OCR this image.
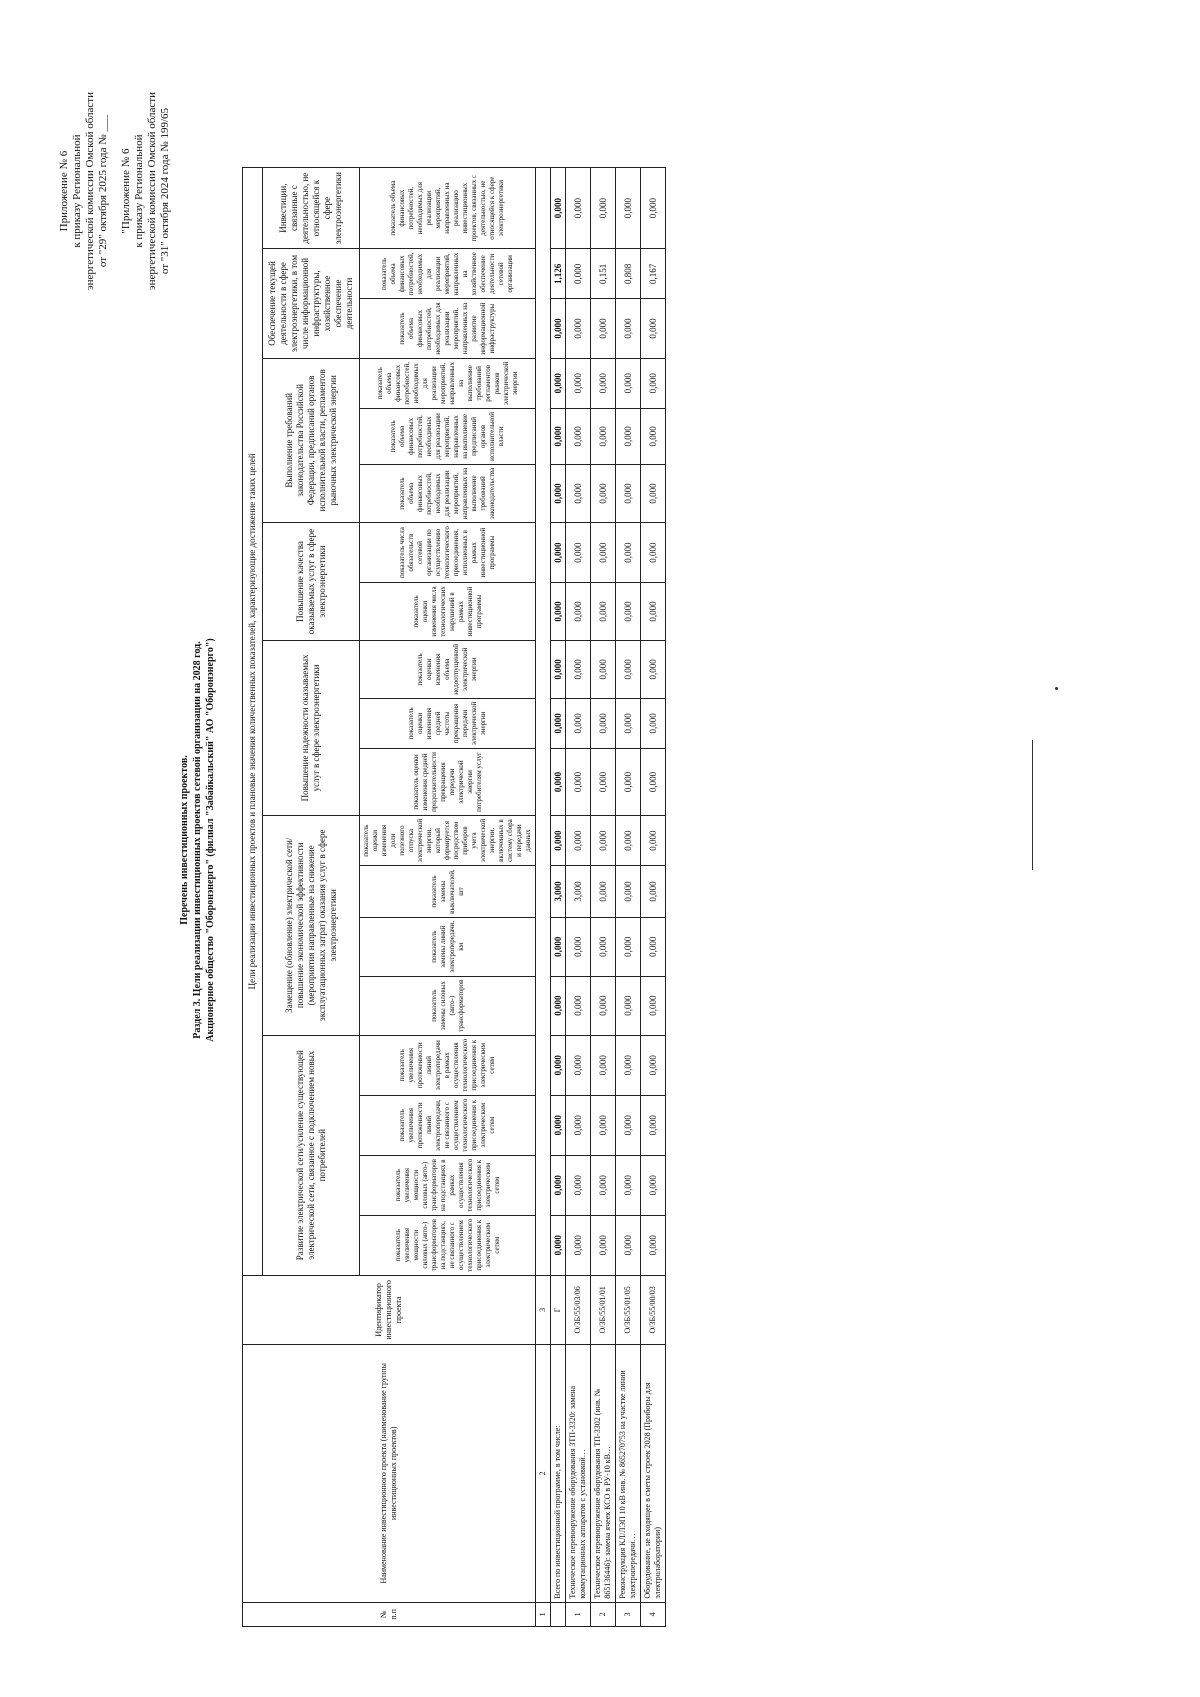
Приложение № 6 к приказу Региональной энергетической комиссии Омской области от "29" октября 2025 года № ___ "Приложение № 6 к приказу Региональной энергетической комиссии Омской области от "31" октября 2024 года № 199/65
Перечень инвестиционных проектов. Раздел 3. Цели реализации инвестиционных проектов сетевой организации на 2028 год. Акционерное общество "Оборонэнерго" (филиал "Забайкальский" АО "Оборонэнерго")
№ п.п	Наименование инвестиционного проекта (наименование группы инвестиционных проектов)	Идентификатор инвестиционного проекта	Цели реализации инвестиционных проектов и плановые значения количественных показателей, характеризующие достижение таких целей																		
			Развитие электрической сети/усиление существующей электрической сети, связанное с подключением новых потребителей				Замещение (обновление) электрической сети/повышение экономической эффективности (мероприятия направленные на снижение эксплуатационных затрат) оказания услуг в сфере электроэнергетики				Повышение надежности оказываемых услуг в сфере электроэнергетики			Повышение качества оказываемых услуг в сфере электроэнергетики		Выполнение требований законодательства Российской Федерации, предписаний органов исполнительной власти, регламентов рыночных электрической энергии			Обеспечение текущей деятельности в сфере электроэнергетики, в том числе информационной инфраструктуры, хозяйственное обеспечение деятельности		Инвестиции, связанные с деятельностью, не относящейся к сфере электроэнергетики
			показатель увеличения мощности силовых (авто-) трансформаторов на подстанциях, не связанного с осуществлением технологического присоединения к электрическим сетям	показатель увеличения мощности силовых (авто-) трансформаторов на подстанциях в рамках осуществления технологического присоединения к электрическим сетям	показатель увеличения протяженности линий электропередачи, не связанного с осуществлением технологического присоединения к электрическим сетям	показатель увеличения протяженности линий электропередачи в рамках осуществления технологического присоединения к электрическим сетям	показатель замены силовых (авто-) трансформаторов	показатель замены линий электропередачи, км	показатель замены выключателей, шт	показатель оценки изменения доли полезного отпуска электрической энергии, который формируется посредством приборов учета электрической энергии, включенных в систему сбора и передачи данных	показатель оценки изменения средней продолжительности прекращения передачи электрической энергии потребителям услуг	показатель оценки изменения средней частоты прекращения передачи электрической энергии	показатель оценки изменения объема недоотпущенной электрической энергии	показатель оценки изменения числа технологических нарушений в рамках инвестиционной программы	показатель числа обязательств сетевой организации по осуществлению технологического присоединения, исполненных в рамках инвестиционной программы	показатель объема финансовых потребностей, необходимых для реализации мероприятий, направленных на выполнение требований законодательства	показатель объема финансовых потребностей, необходимых для реализации мероприятий, направленных на выполнение предписаний органов исполнительной власти	показатель объема финансовых потребностей, необходимых для реализации мероприятий, направленных на выполнение требований регламентов рынков электрической энергии	показатель объема финансовых потребностей, необходимых для реализации мероприятий, направленных на развитие информационной инфраструктуры	показатель объема финансовых потребностей, необходимых для реализации мероприятий, направленных на хозяйственное обеспечение деятельности сетевой организации	показатель объема финансовых потребностей, необходимых для реализации мероприятий, направленных на реализацию инвестиционных проектов, связанных с деятельностью, не относящейся к сфере электроэнергетики
1	2	3																			
	Всего по инвестиционной программе, в том числе:	Г	0,000	0,000	0,000	0,000	0,000	0,000	3,000	0,000	0,000	0,000	0,000	0,000	0,000	0,000	0,000	0,000	0,000	1,126	0,000
1	Техническое перевооружение оборудования ЗТП-3320: замена коммутационных аппаратов с установкой…	О/ЗБ/55/03/06	0,000	0,000	0,000	0,000	0,000	0,000	3,000	0,000	0,000	0,000	0,000	0,000	0,000	0,000	0,000	0,000	0,000	0,000	0,000
2	Техническое перевооружение оборудования ТП-3302 (инв. № 865136446): замена ячеек КСО в РУ-10 кВ…	О/ЗБ/55/01/01	0,000	0,000	0,000	0,000	0,000	0,000	0,000	0,000	0,000	0,000	0,000	0,000	0,000	0,000	0,000	0,000	0,000	0,151	0,000
3	Реконструкция КЛ/ЛЭП 10 кВ инв. № 865270753 на участке линии электропередачи…	О/ЗБ/55/01/05	0,000	0,000	0,000	0,000	0,000	0,000	0,000	0,000	0,000	0,000	0,000	0,000	0,000	0,000	0,000	0,000	0,000	0,808	0,000
4	Оборудование, не входящее в сметы строек 2028 (Приборы для электролаборатории)	О/ЗБ/55/00/03	0,000	0,000	0,000	0,000	0,000	0,000	0,000	0,000	0,000	0,000	0,000	0,000	0,000	0,000	0,000	0,000	0,000	0,167	0,000
